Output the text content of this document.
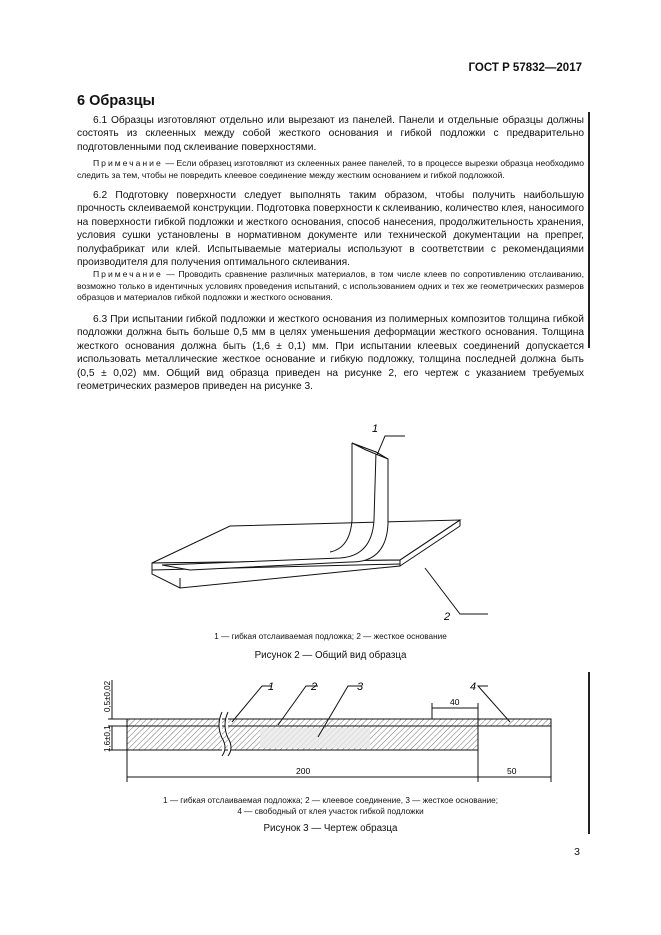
ГОСТ Р 57832—2017
6 Образцы
6.1 Образцы изготовляют отдельно или вырезают из панелей. Панели и отдельные образцы должны состоять из склеенных между собой жесткого основания и гибкой подложки с предварительно подготовленными под склеивание поверхностями.
Примечание — Если образец изготовляют из склеенных ранее панелей, то в процессе вырезки образца необходимо следить за тем, чтобы не повредить клеевое соединение между жестким основанием и гибкой подложкой.
6.2 Подготовку поверхности следует выполнять таким образом, чтобы получить наибольшую прочность склеиваемой конструкции. Подготовка поверхности к склеиванию, количество клея, наносимого на поверхности гибкой подложки и жесткого основания, способ нанесения, продолжительность хранения, условия сушки установлены в нормативном документе или технической документации на препрег, полуфабрикат или клей. Испытываемые материалы используют в соответствии с рекомендациями производителя для получения оптимального склеивания.
Примечание — Проводить сравнение различных материалов, в том числе клеев по сопротивлению отслаиванию, возможно только в идентичных условиях проведения испытаний, с использованием одних и тех же геометрических размеров образцов и материалов гибкой подложки и жесткого основания.
6.3 При испытании гибкой подложки и жесткого основания из полимерных композитов толщина гибкой подложки должна быть больше 0,5 мм в целях уменьшения деформации жесткого основания. Толщина жесткого основания должна быть (1,6 ± 0,1) мм. При испытании клеевых соединений допускается использовать металлические жесткое основание и гибкую подложку, толщина последней должна быть (0,5 ± 0,02) мм. Общий вид образца приведен на рисунке 2, его чертеж с указанием требуемых геометрических размеров приведен на рисунке 3.
1
2
1 — гибкая отслаиваемая подложка; 2 — жесткое основание
Рисунок 2 — Общий вид образца
1	2	3	4
0,5±0,02
1,6±0,1
40
200	50
1 — гибкая отслаиваемая подложка; 2 — клеевое соединение, 3 — жесткое основание;
4 — свободный от клея участок гибкой подложки
Рисунок 3 — Чертеж образца
3
